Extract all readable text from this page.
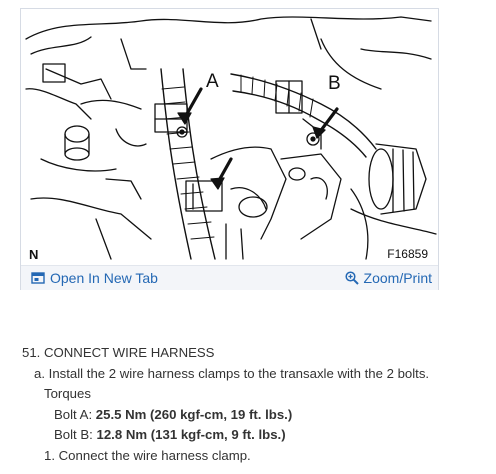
A	B
N	F16859
Open In New Tab	Zoom/Print
51. CONNECT WIRE HARNESS
a. Install the 2 wire harness clamps to the transaxle with the 2 bolts.
Torques
Bolt A: 25.5 Nm (260 kgf-cm, 19 ft. lbs.)
Bolt B: 12.8 Nm (131 kgf-cm, 9 ft. lbs.)
1. Connect the wire harness clamp.
